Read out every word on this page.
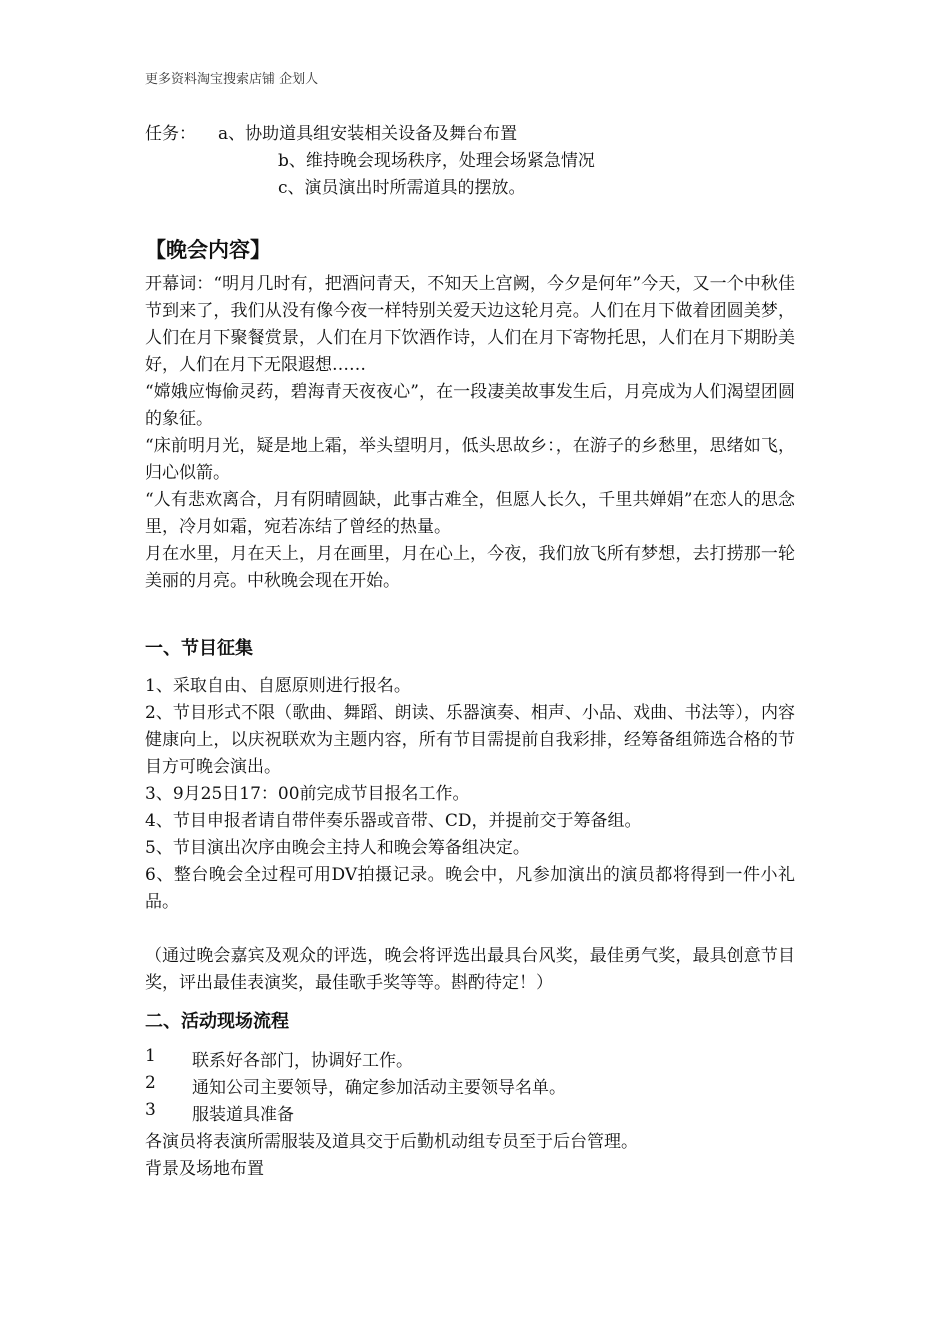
更多资料淘宝搜索店铺 企划人
任务： a、协助道具组安装相关设备及舞台布置
b、维持晚会现场秩序，处理会场紧急情况
c、演员演出时所需道具的摆放。
【晚会内容】
开幕词：“明月几时有，把酒问青天，不知天上宫阙，今夕是何年”今天，又一个中秋佳节到来了，我们从没有像今夜一样特别关爱天边这轮月亮。人们在月下做着团圆美梦，人们在月下聚餐赏景，人们在月下饮酒作诗，人们在月下寄物托思，人们在月下期盼美好，人们在月下无限遐想……
“嫦娥应悔偷灵药，碧海青天夜夜心”，在一段凄美故事发生后，月亮成为人们渴望团圆的象征。
“床前明月光，疑是地上霜，举头望明月，低头思故乡：，在游子的乡愁里，思绪如飞，归心似箭。
“人有悲欢离合，月有阴晴圆缺，此事古难全，但愿人长久，千里共婵娟”在恋人的思念里，冷月如霜，宛若冻结了曾经的热量。
月在水里，月在天上，月在画里，月在心上，今夜，我们放飞所有梦想，去打捞那一轮美丽的月亮。中秋晚会现在开始。
一、节目征集
1、采取自由、自愿原则进行报名。
2、节目形式不限（歌曲、舞蹈、朗读、乐器演奏、相声、小品、戏曲、书法等），内容健康向上，以庆祝联欢为主题内容，所有节目需提前自我彩排，经筹备组筛选合格的节目方可晚会演出。
3、9月25日17：00前完成节目报名工作。
4、节目申报者请自带伴奏乐器或音带、CD，并提前交于筹备组。
5、节目演出次序由晚会主持人和晚会筹备组决定。
6、整台晚会全过程可用DV拍摄记录。晚会中，凡参加演出的演员都将得到一件小礼品。
（通过晚会嘉宾及观众的评选，晚会将评选出最具台风奖，最佳勇气奖，最具创意节目奖，评出最佳表演奖，最佳歌手奖等等。斟酌待定！）
二、活动现场流程
1 联系好各部门，协调好工作。
2 通知公司主要领导，确定参加活动主要领导名单。
3 服装道具准备
各演员将表演所需服装及道具交于后勤机动组专员至于后台管理。
背景及场地布置
